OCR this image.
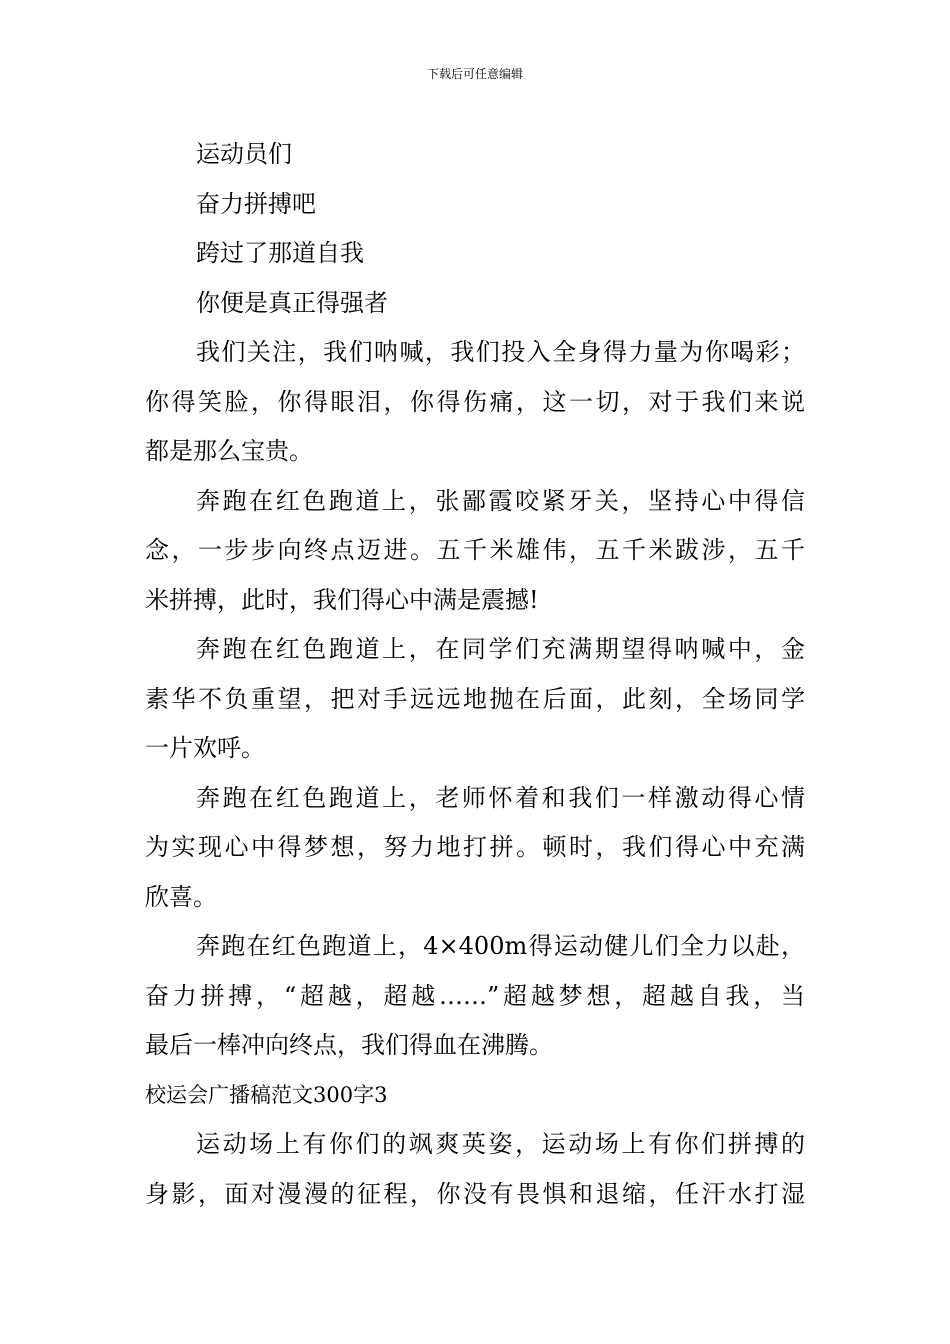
下载后可任意编辑
运动员们
奋力拼搏吧
跨过了那道自我
你便是真正得强者
我们关注，我们呐喊，我们投入全身得力量为你喝彩；
你得笑脸，你得眼泪，你得伤痛，这一切，对于我们来说
都是那么宝贵。
奔跑在红色跑道上，张鄙霞咬紧牙关，坚持心中得信
念，一步步向终点迈进。五千米雄伟，五千米跋涉，五千
米拼搏，此时，我们得心中满是震撼!
奔跑在红色跑道上，在同学们充满期望得呐喊中，金
素华不负重望，把对手远远地抛在后面，此刻，全场同学
一片欢呼。
奔跑在红色跑道上，老师怀着和我们一样激动得心情
为实现心中得梦想，努力地打拼。顿时，我们得心中充满
欣喜。
奔跑在红色跑道上，4×400m得运动健儿们全力以赴，
奋力拼搏，“超越，超越……”超越梦想，超越自我，当
最后一棒冲向终点，我们得血在沸腾。
校运会广播稿范文300字3
运动场上有你们的飒爽英姿，运动场上有你们拼搏的
身影，面对漫漫的征程，你没有畏惧和退缩，任汗水打湿
